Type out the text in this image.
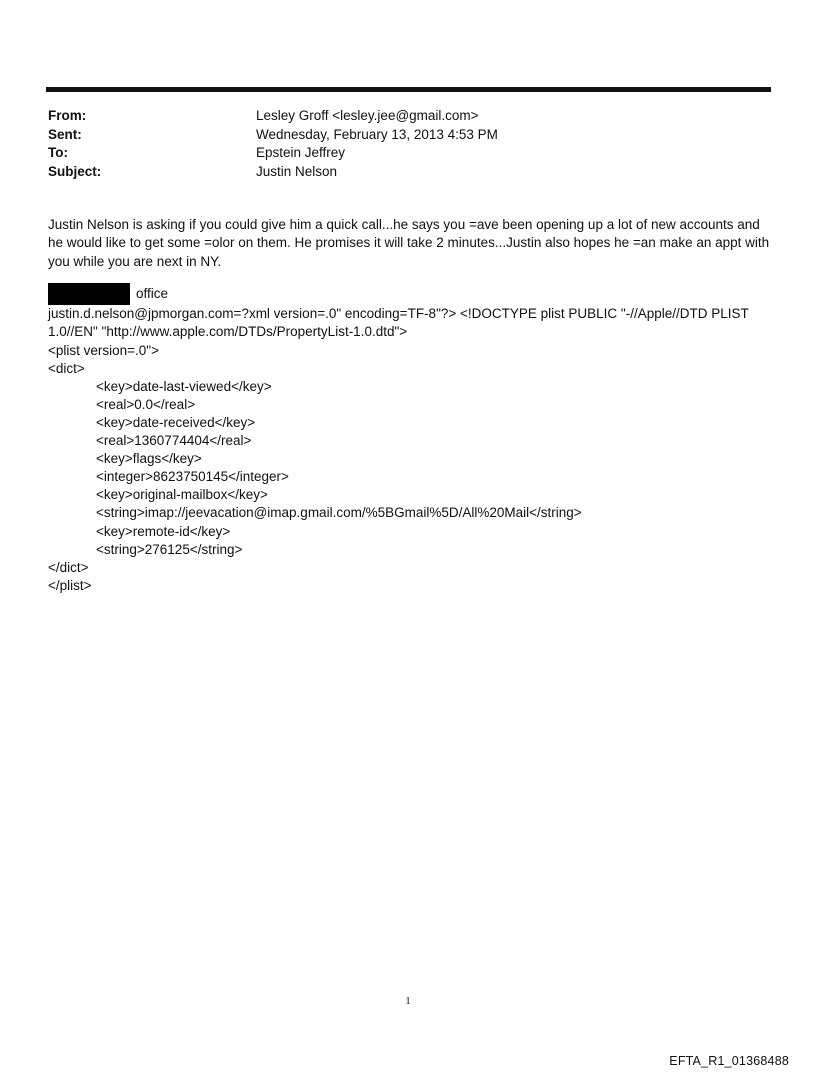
From:	Lesley Groff <lesley.jee@gmail.com>
Sent:	Wednesday, February 13, 2013 4:53 PM
To:	Epstein Jeffrey
Subject:	Justin Nelson
Justin Nelson is asking if you could give him a quick call...he says you =ave been opening up a lot of new accounts and he would like to get some =olor on them. He promises it will take 2 minutes...Justin also hopes he =an make an appt with you while you are next in NY.
office
justin.d.nelson@jpmorgan.com=?xml version=.0" encoding=TF-8"?> <!DOCTYPE plist PUBLIC "-//Apple//DTD PLIST 1.0//EN" "http://www.apple.com/DTDs/PropertyList-1.0.dtd">
<plist version=.0">
<dict>
<key>date-last-viewed</key>
<real>0.0</real>
<key>date-received</key>
<real>1360774404</real>
<key>flags</key>
<integer>8623750145</integer>
<key>original-mailbox</key>
<string>imap://jeevacation@imap.gmail.com/%5BGmail%5D/All%20Mail</string>
<key>remote-id</key>
<string>276125</string>
</dict>
</plist>
1
EFTA_R1_01368488
